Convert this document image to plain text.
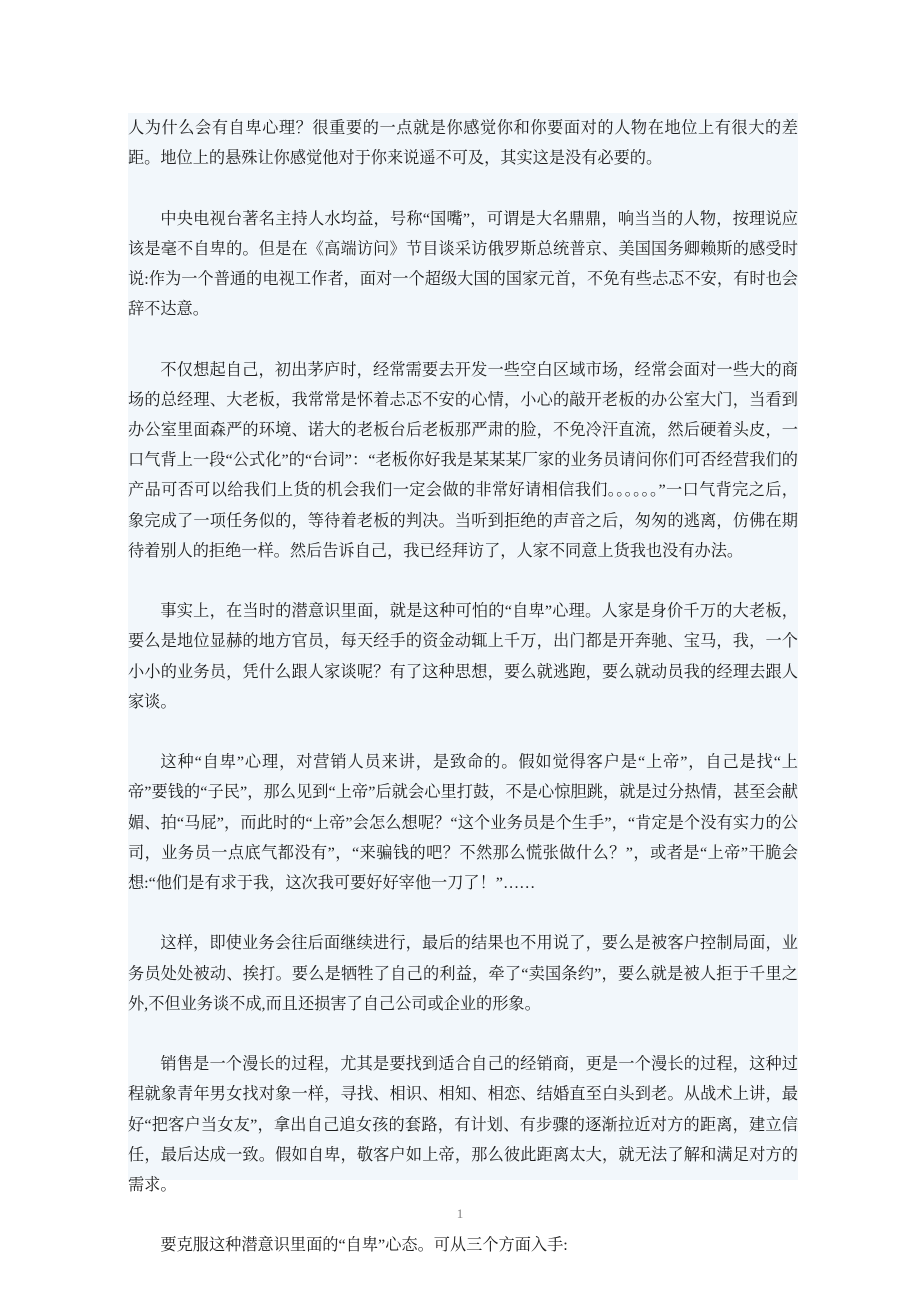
人为什么会有自卑心理？很重要的一点就是你感觉你和你要面对的人物在地位上有很大的差距。地位上的悬殊让你感觉他对于你来说遥不可及，其实这是没有必要的。

中央电视台著名主持人水均益，号称“国嘴”，可谓是大名鼎鼎，响当当的人物，按理说应该是毫不自卑的。但是在《高端访问》节目谈采访俄罗斯总统普京、美国国务卿赖斯的感受时说:作为一个普通的电视工作者，面对一个超级大国的国家元首，不免有些忐忑不安，有时也会辞不达意。

不仅想起自己，初出茅庐时，经常需要去开发一些空白区域市场，经常会面对一些大的商场的总经理、大老板，我常常是怀着忐忑不安的心情，小心的敲开老板的办公室大门，当看到办公室里面森严的环境、诺大的老板台后老板那严肃的脸，不免冷汗直流，然后硬着头皮，一口气背上一段“公式化”的“台词”：“老板你好我是某某某厂家的业务员请问你们可否经营我们的产品可否可以给我们上货的机会我们一定会做的非常好请相信我们。。。。。。”一口气背完之后，象完成了一项任务似的，等待着老板的判决。当听到拒绝的声音之后，匆匆的逃离，仿佛在期待着别人的拒绝一样。然后告诉自己，我已经拜访了，人家不同意上货我也没有办法。

事实上，在当时的潜意识里面，就是这种可怕的“自卑”心理。人家是身价千万的大老板，要么是地位显赫的地方官员，每天经手的资金动辄上千万，出门都是开奔驰、宝马，我，一个小小的业务员，凭什么跟人家谈呢？有了这种思想，要么就逃跑，要么就动员我的经理去跟人家谈。

这种“自卑”心理，对营销人员来讲，是致命的。假如觉得客户是“上帝”，自己是找“上帝”要钱的“子民”，那么见到“上帝”后就会心里打鼓，不是心惊胆跳，就是过分热情，甚至会献媚、拍“马屁”，而此时的“上帝”会怎么想呢？“这个业务员是个生手”，“肯定是个没有实力的公司，业务员一点底气都没有”，“来骗钱的吧？不然那么慌张做什么？”，或者是“上帝”干脆会想:“他们是有求于我，这次我可要好好宰他一刀了！”……

这样，即使业务会往后面继续进行，最后的结果也不用说了，要么是被客户控制局面，业务员处处被动、挨打。要么是牺牲了自己的利益，牵了“卖国条约”，要么就是被人拒于千里之外,不但业务谈不成,而且还损害了自己公司或企业的形象。

销售是一个漫长的过程，尤其是要找到适合自己的经销商，更是一个漫长的过程，这种过程就象青年男女找对象一样，寻找、相识、相知、相恋、结婚直至白头到老。从战术上讲，最好“把客户当女友”，拿出自己追女孩的套路，有计划、有步骤的逐渐拉近对方的距离，建立信任，最后达成一致。假如自卑，敬客户如上帝，那么彼此距离太大，就无法了解和满足对方的需求。

要克服这种潜意识里面的“自卑”心态。可从三个方面入手:

1
